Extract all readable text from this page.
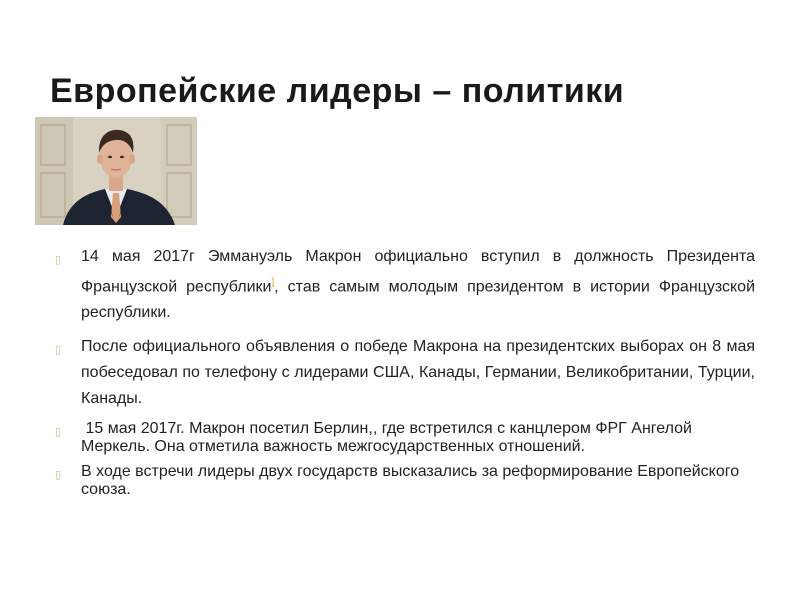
Европейские лидеры – политики
▯ 14 мая 2017г Эммануэль Макрон официально вступил в должность Президента Французской республики], став самым молодым президентом в истории Французской республики.
▯ После официального объявления о победе Макрона на президентских выборах он 8 мая побеседовал по телефону с лидерами США, Канады, Германии, Великобритании, Турции, Канады.
▯ 15 мая 2017г. Макрон посетил Берлин,, где встретился с канцлером ФРГ Ангелой Меркель. Она отметила важность межгосударственных отношений.
▯ В ходе встречи лидеры двух государств высказались за реформирование Европейского союза.
